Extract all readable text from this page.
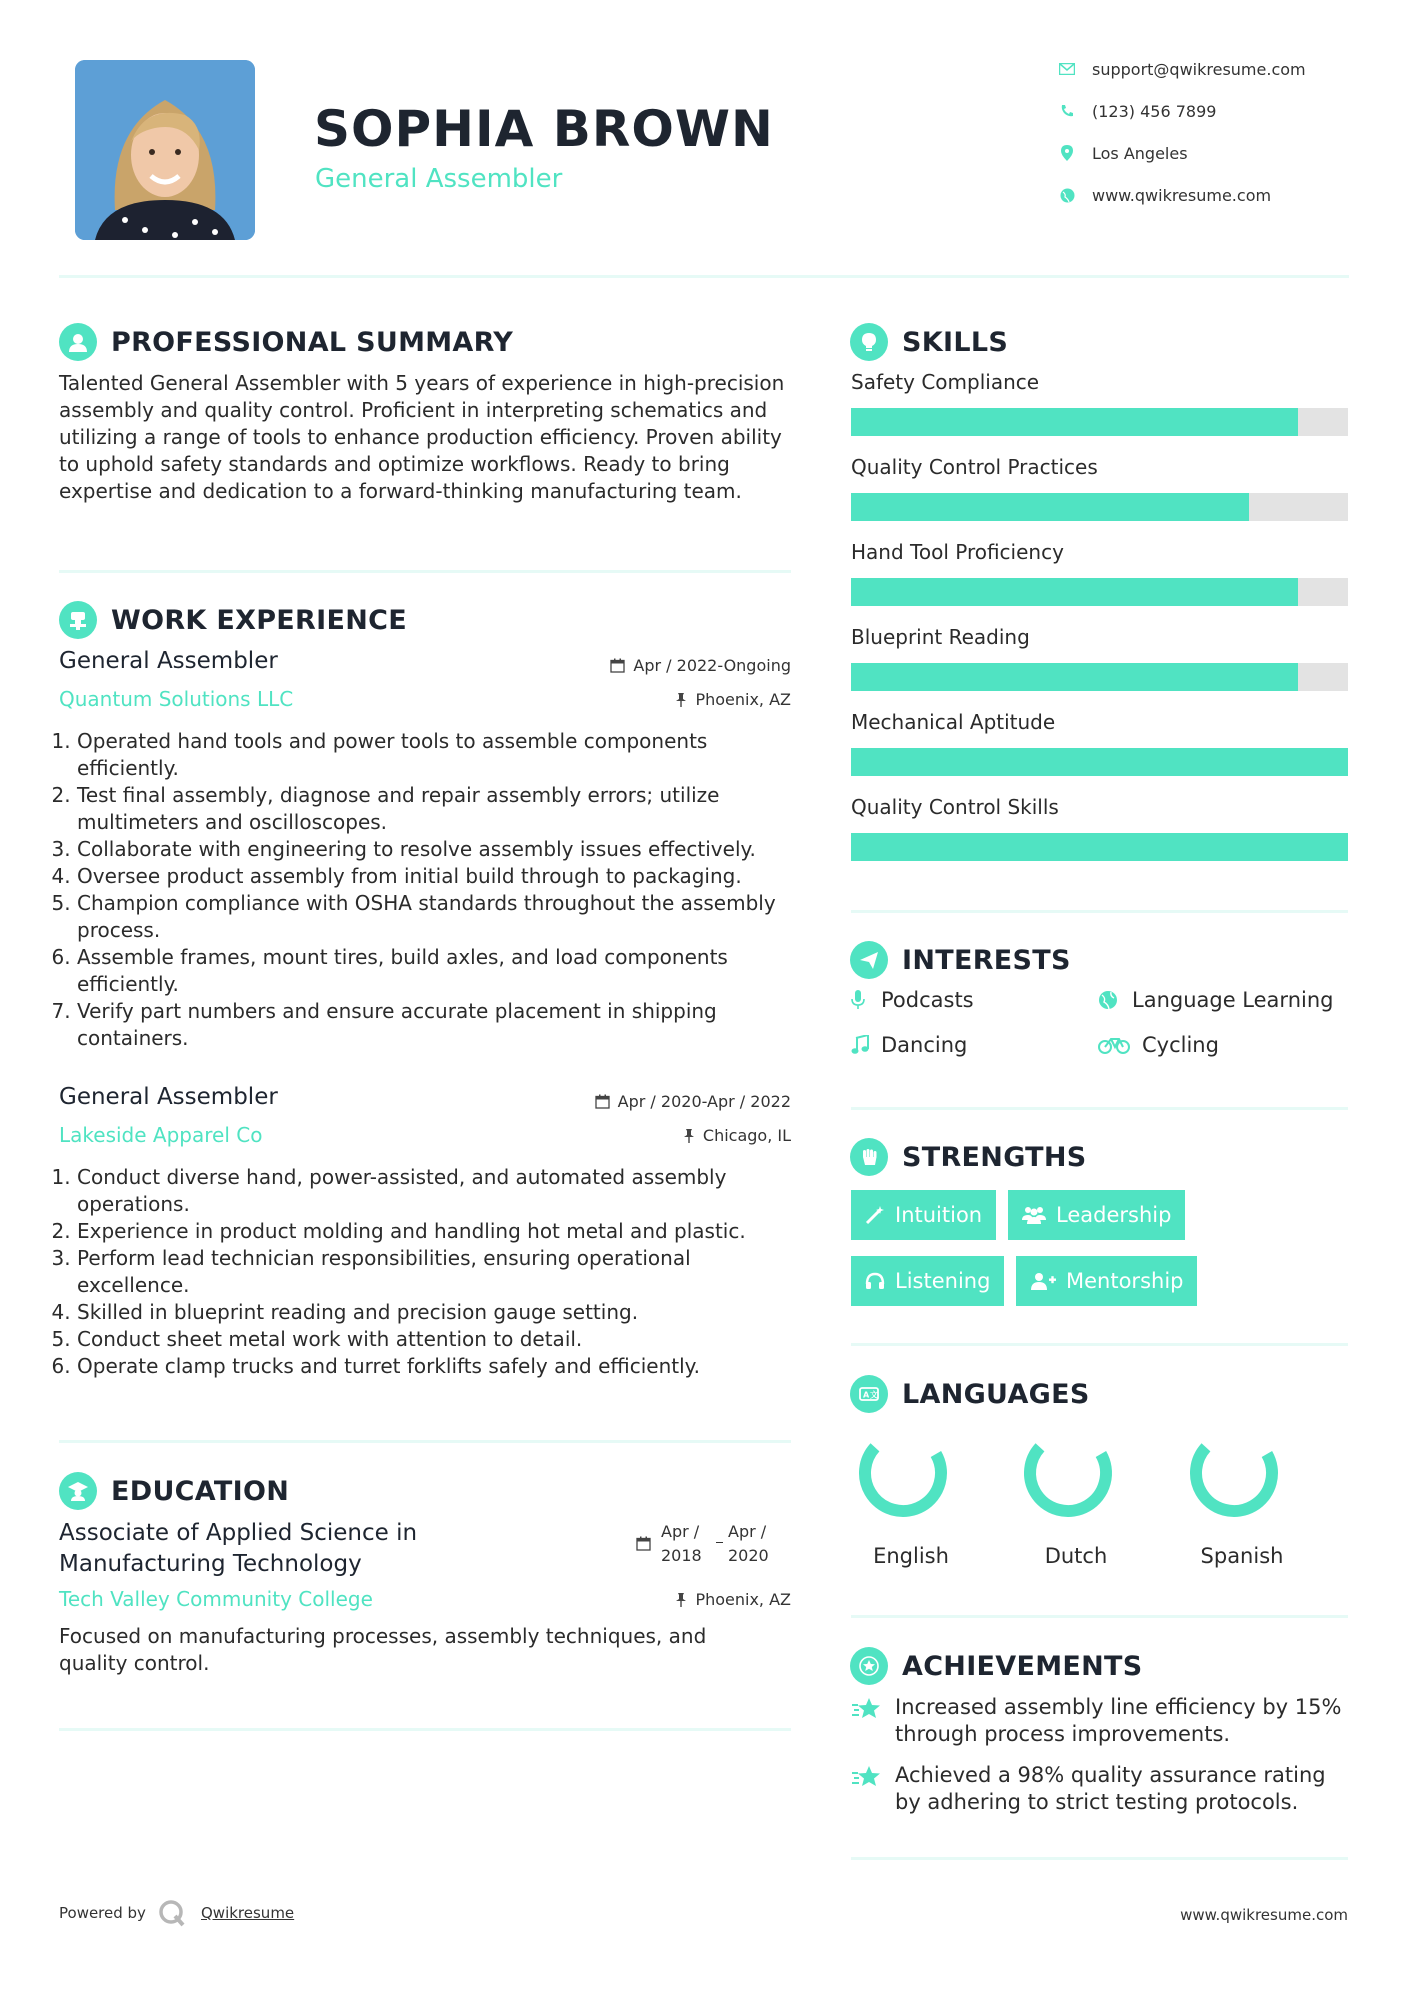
SOPHIA BROWN
General Assembler
support@qwikresume.com
(123) 456 7899
Los Angeles
www.qwikresume.com
PROFESSIONAL SUMMARY
Talented General Assembler with 5 years of experience in high-precision assembly and quality control. Proficient in interpreting schematics and utilizing a range of tools to enhance production efficiency. Proven ability to uphold safety standards and optimize workflows. Ready to bring expertise and dedication to a forward-thinking manufacturing team.
WORK EXPERIENCE
General Assembler	Apr / 2022-Ongoing
Quantum Solutions LLC	Phoenix, AZ
1. Operated hand tools and power tools to assemble components efficiently.
2. Test final assembly, diagnose and repair assembly errors; utilize multimeters and oscilloscopes.
3. Collaborate with engineering to resolve assembly issues effectively.
4. Oversee product assembly from initial build through to packaging.
5. Champion compliance with OSHA standards throughout the assembly process.
6. Assemble frames, mount tires, build axles, and load components efficiently.
7. Verify part numbers and ensure accurate placement in shipping containers.
General Assembler	Apr / 2020-Apr / 2022
Lakeside Apparel Co	Chicago, IL
1. Conduct diverse hand, power-assisted, and automated assembly operations.
2. Experience in product molding and handling hot metal and plastic.
3. Perform lead technician responsibilities, ensuring operational excellence.
4. Skilled in blueprint reading and precision gauge setting.
5. Conduct sheet metal work with attention to detail.
6. Operate clamp trucks and turret forklifts safely and efficiently.
EDUCATION
Associate of Applied Science in
Manufacturing Technology
Apr /
2018
Apr /
2020
Tech Valley Community College	Phoenix, AZ
Focused on manufacturing processes, assembly techniques, and quality control.
SKILLS
Safety Compliance
Quality Control Practices
Hand Tool Proficiency
Blueprint Reading
Mechanical Aptitude
Quality Control Skills
INTERESTS
Podcasts	Language Learning
Dancing	Cycling
STRENGTHS
Intuition	Leadership
Listening	Mentorship
A 文 LANGUAGES
English	Dutch	Spanish
ACHIEVEMENTS
Increased assembly line efficiency by 15% through process improvements.
Achieved a 98% quality assurance rating by adhering to strict testing protocols.
Powered by	Qwikresume	www.qwikresume.com
